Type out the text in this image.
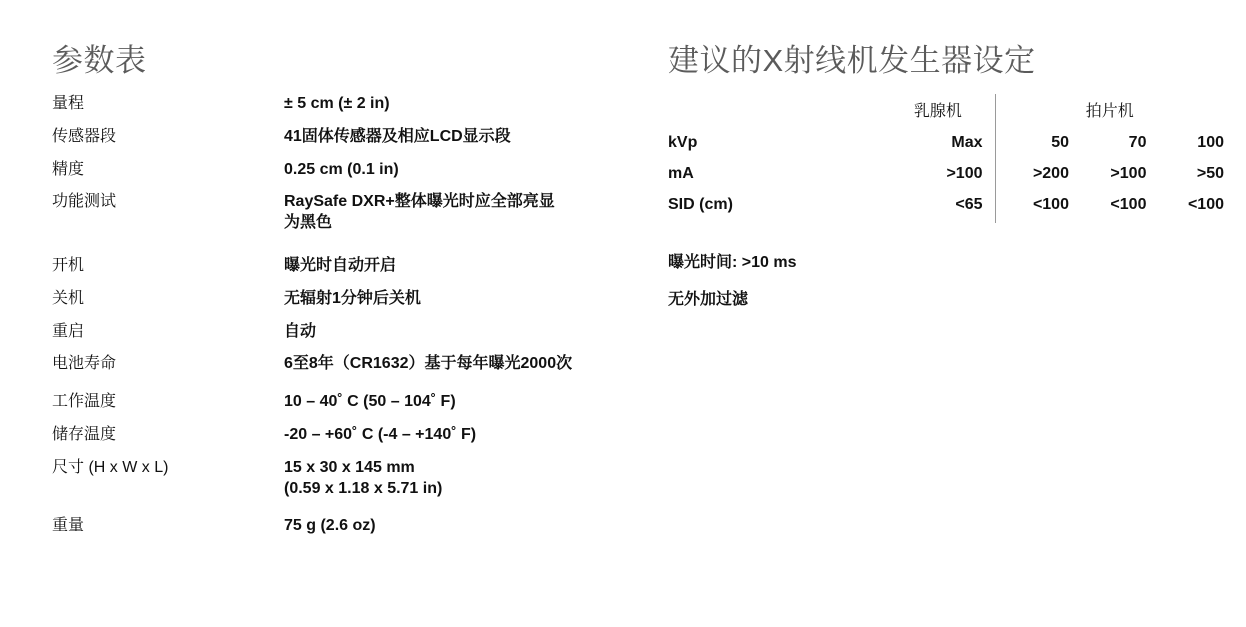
参数表
量程	± 5 cm (± 2 in)
传感器段	41固体传感器及相应LCD显示段
精度	0.25 cm (0.1 in)
功能测试	RaySafe DXR+整体曝光时应全部亮显
为黑色

开机	曝光时自动开启
关机	无辐射1分钟后关机
重启	自动
电池寿命	6至8年（CR1632）基于每年曝光2000次
工作温度	10 – 40˚ C (50 – 104˚ F)
储存温度	-20 – +60˚ C (-4 – +140˚ F)
尺寸 (H x W x L)	15 x 30 x 145 mm
(0.59 x 1.18 x 5.71 in)

重量	75 g (2.6 oz)
建议的X射线机发生器设定
	乳腺机	拍片机		
kVp	Max	50	70	100
mA	>100	>200	>100	>50
SID (cm)	<65	<100	<100	<100

曝光时间: >10 ms

无外加过滤
